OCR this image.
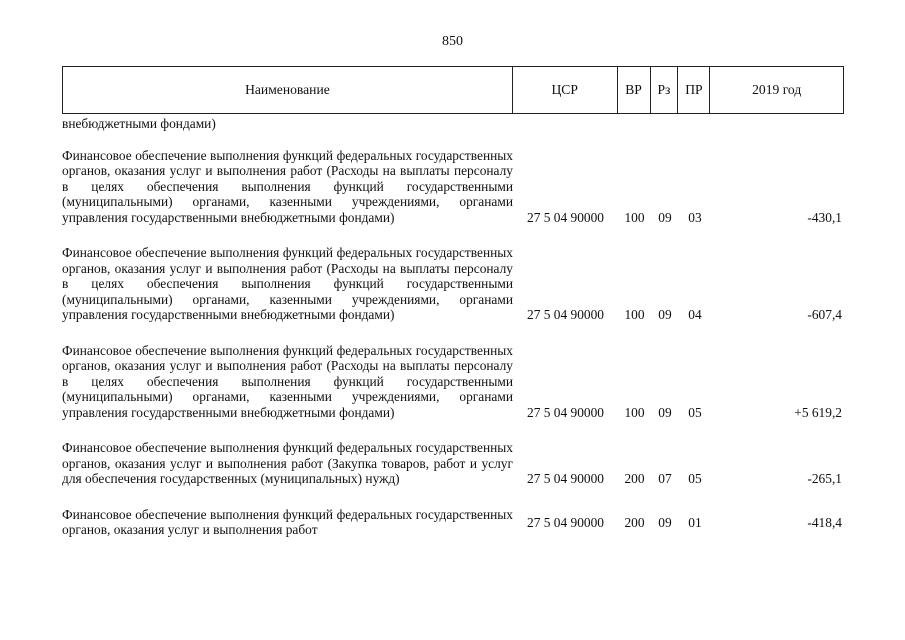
850
Наименование	ЦСР	ВР	Рз	ПР	2019 год
внебюджетными фондами)
Финансовое обеспечение выполнения функций федеральных государственных органов, оказания услуг и выполнения работ (Расходы на выплаты персоналу в целях обеспечения выполнения функций государственными (муниципальными) органами, казенными учреждениями, органами управления государственными внебюджетными фондами)	27 5 04 90000	100	09	03	-430,1
Финансовое обеспечение выполнения функций федеральных государственных органов, оказания услуг и выполнения работ (Расходы на выплаты персоналу в целях обеспечения выполнения функций государственными (муниципальными) органами, казенными учреждениями, органами управления государственными внебюджетными фондами)	27 5 04 90000	100	09	04	-607,4
Финансовое обеспечение выполнения функций федеральных государственных органов, оказания услуг и выполнения работ (Расходы на выплаты персоналу в целях обеспечения выполнения функций государственными (муниципальными) органами, казенными учреждениями, органами управления государственными внебюджетными фондами)	27 5 04 90000	100	09	05	+5 619,2
Финансовое обеспечение выполнения функций федеральных государственных органов, оказания услуг и выполнения работ (Закупка товаров, работ и услуг для обеспечения государственных (муниципальных) нужд)	27 5 04 90000	200	07	05	-265,1
Финансовое обеспечение выполнения функций федеральных государственных органов, оказания услуг и выполнения работ	27 5 04 90000	200	09	01	-418,4
